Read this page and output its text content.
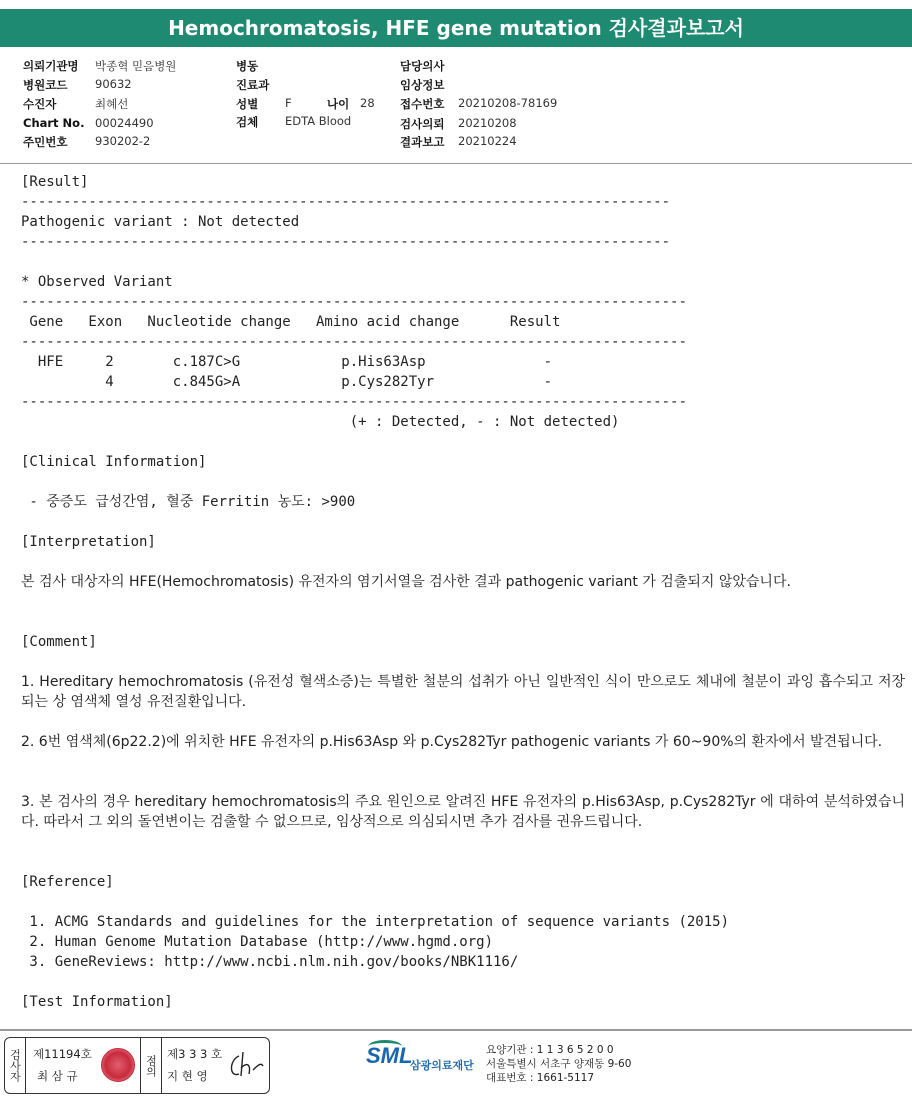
Hemochromatosis, HFE gene mutation 검사결과보고서
의뢰기관명 박종혁 믿음병원
병원코드 90632
수진자	최혜선
Chart No. 00024490
주민번호 930202-2
병동
진료과
성별 F	나이 28
검체 EDTA Blood
담당의사
임상정보
접수번호 20210208-78169
검사의뢰 20210208
결과보고 20210224
[Result]
-----------------------------------------------------------------------------
Pathogenic variant : Not detected
-----------------------------------------------------------------------------
* Observed Variant
-------------------------------------------------------------------------------
Gene   Exon   Nucleotide change   Amino acid change      Result
-------------------------------------------------------------------------------
HFE     2       c.187C>G            p.His63Asp              -
4       c.845G>A            p.Cys282Tyr             -
-------------------------------------------------------------------------------
(+ : Detected, - : Not detected)
[Clinical Information]
- 중증도 급성간염, 혈중 Ferritin 농도: >900
[Interpretation]
본 검사 대상자의 HFE(Hemochromatosis) 유전자의 염기서열을 검사한 결과 pathogenic variant 가 검출되지 않았습니다.
[Comment]
1. Hereditary hemochromatosis (유전성 혈색소증)는 특별한 철분의 섭취가 아닌 일반적인 식이 만으로도 체내에 철분이 과잉 흡수되고 저장되는 상 염색체 열성 유전질환입니다.
2. 6번 염색체(6p22.2)에 위치한 HFE 유전자의 p.His63Asp 와 p.Cys282Tyr pathogenic variants 가 60~90%의 환자에서 발견됩니다.
3. 본 검사의 경우 hereditary hemochromatosis의 주요 원인으로 알려진 HFE 유전자의 p.His63Asp, p.Cys282Tyr 에 대하여 분석하였습니다. 따라서 그 외의 돌연변이는 검출할 수 없으므로, 임상적으로 의심되시면 추가 검사를 권유드립니다.
[Reference]
1. ACMG Standards and guidelines for the interpretation of sequence variants (2015)
2. Human Genome Mutation Database (http://www.hgmd.org)
3. GeneReviews: http://www.ncbi.nlm.nih.gov/books/NBK1116/
[Test Information]
검사자 제11194호
최 삼 규	점의
제3 3 3 호
지 현 영
SML
삼광의료재단
요양기관 : 1 1 3 6 5 2 0 0
서울특별시 서초구 양재동 9-60
대표번호 : 1661-5117
